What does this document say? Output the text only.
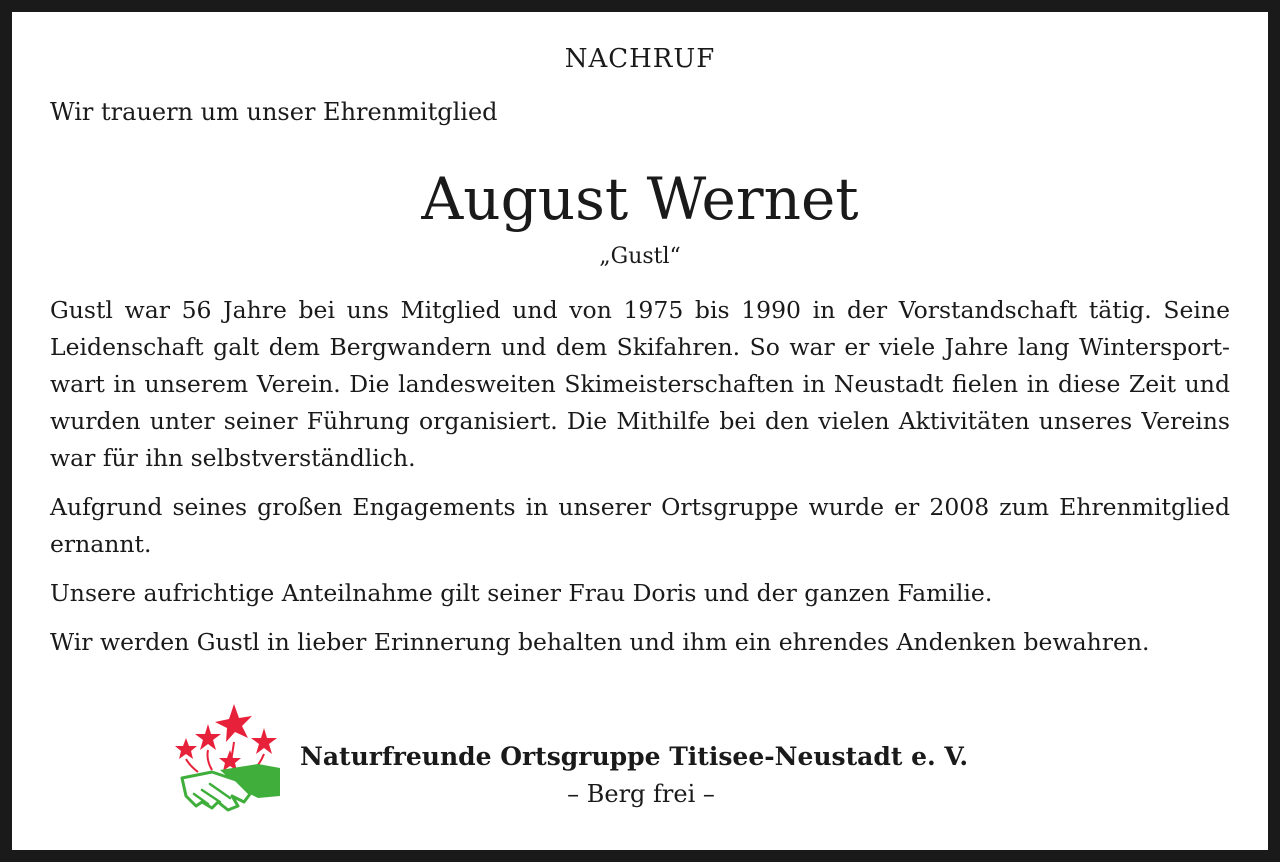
NACHRUF
Wir trauern um unser Ehrenmitglied
August Wernet
„Gustl“

Gustl war 56 Jahre bei uns Mitglied und von 1975 bis 1990 in der Vorstandschaft tätig. Seine Leidenschaft galt dem Bergwandern und dem Skifahren. So war er viele Jahre lang Wintersportwart in unserem Verein. Die landesweiten Skimeisterschaften in Neustadt fielen in diese Zeit und wurden unter seiner Führung organisiert. Die Mithilfe bei den vielen Aktivitäten unseres Vereins war für ihn selbstverständlich.

Aufgrund seines großen Engagements in unserer Ortsgruppe wurde er 2008 zum Ehrenmitglied ernannt.

Unsere aufrichtige Anteilnahme gilt seiner Frau Doris und der ganzen Familie.

Wir werden Gustl in lieber Erinnerung behalten und ihm ein ehrendes Andenken bewahren.

Naturfreunde Ortsgruppe Titisee-Neustadt e. V.
– Berg frei –
